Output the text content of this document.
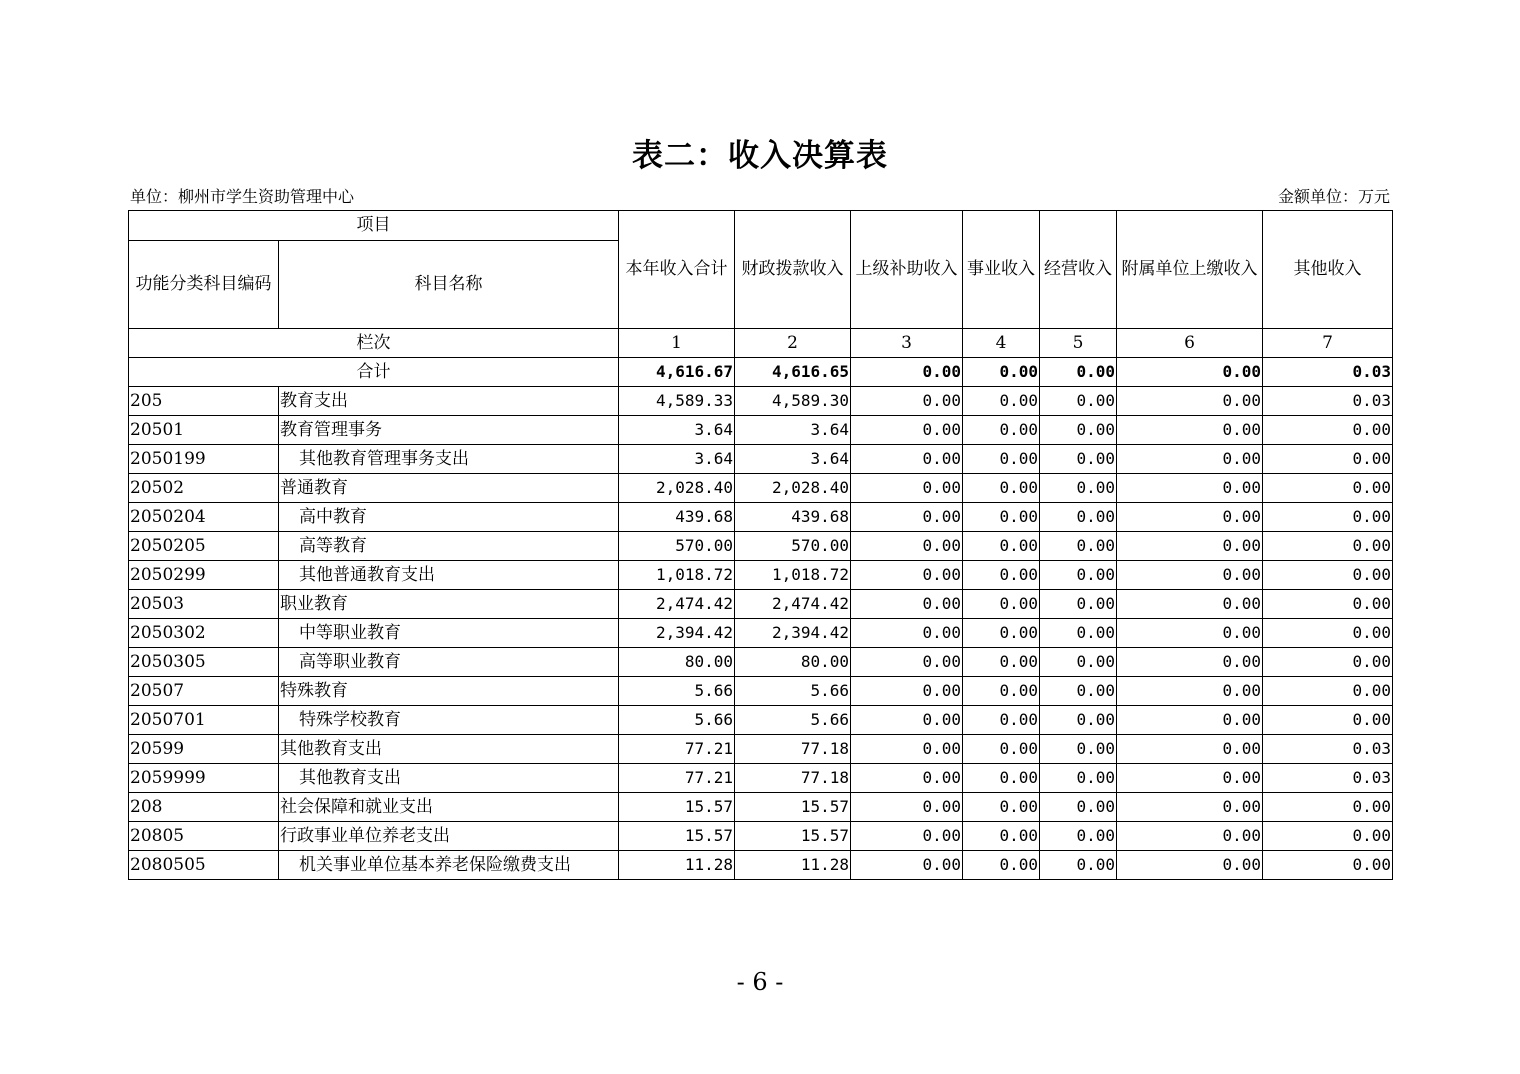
表二：收入决算表
单位：柳州市学生资助管理中心	金额单位：万元
项目		本年收入合计	财政拨款收入	上级补助收入	事业收入	经营收入	附属单位上缴收入	其他收入
功能分类科目编码	科目名称							
栏次		1	2	3	4	5	6	7
合计		4,616.67	4,616.65	0.00	0.00	0.00	0.00	0.03
205	教育支出	4,589.33	4,589.30	0.00	0.00	0.00	0.00	0.03
20501	教育管理事务	3.64	3.64	0.00	0.00	0.00	0.00	0.00
2050199	其他教育管理事务支出	3.64	3.64	0.00	0.00	0.00	0.00	0.00
20502	普通教育	2,028.40	2,028.40	0.00	0.00	0.00	0.00	0.00
2050204	高中教育	439.68	439.68	0.00	0.00	0.00	0.00	0.00
2050205	高等教育	570.00	570.00	0.00	0.00	0.00	0.00	0.00
2050299	其他普通教育支出	1,018.72	1,018.72	0.00	0.00	0.00	0.00	0.00
20503	职业教育	2,474.42	2,474.42	0.00	0.00	0.00	0.00	0.00
2050302	中等职业教育	2,394.42	2,394.42	0.00	0.00	0.00	0.00	0.00
2050305	高等职业教育	80.00	80.00	0.00	0.00	0.00	0.00	0.00
20507	特殊教育	5.66	5.66	0.00	0.00	0.00	0.00	0.00
2050701	特殊学校教育	5.66	5.66	0.00	0.00	0.00	0.00	0.00
20599	其他教育支出	77.21	77.18	0.00	0.00	0.00	0.00	0.03
2059999	其他教育支出	77.21	77.18	0.00	0.00	0.00	0.00	0.03
208	社会保障和就业支出	15.57	15.57	0.00	0.00	0.00	0.00	0.00
20805	行政事业单位养老支出	15.57	15.57	0.00	0.00	0.00	0.00	0.00
2080505	机关事业单位基本养老保险缴费支出	11.28	11.28	0.00	0.00	0.00	0.00	0.00
- 6 -
